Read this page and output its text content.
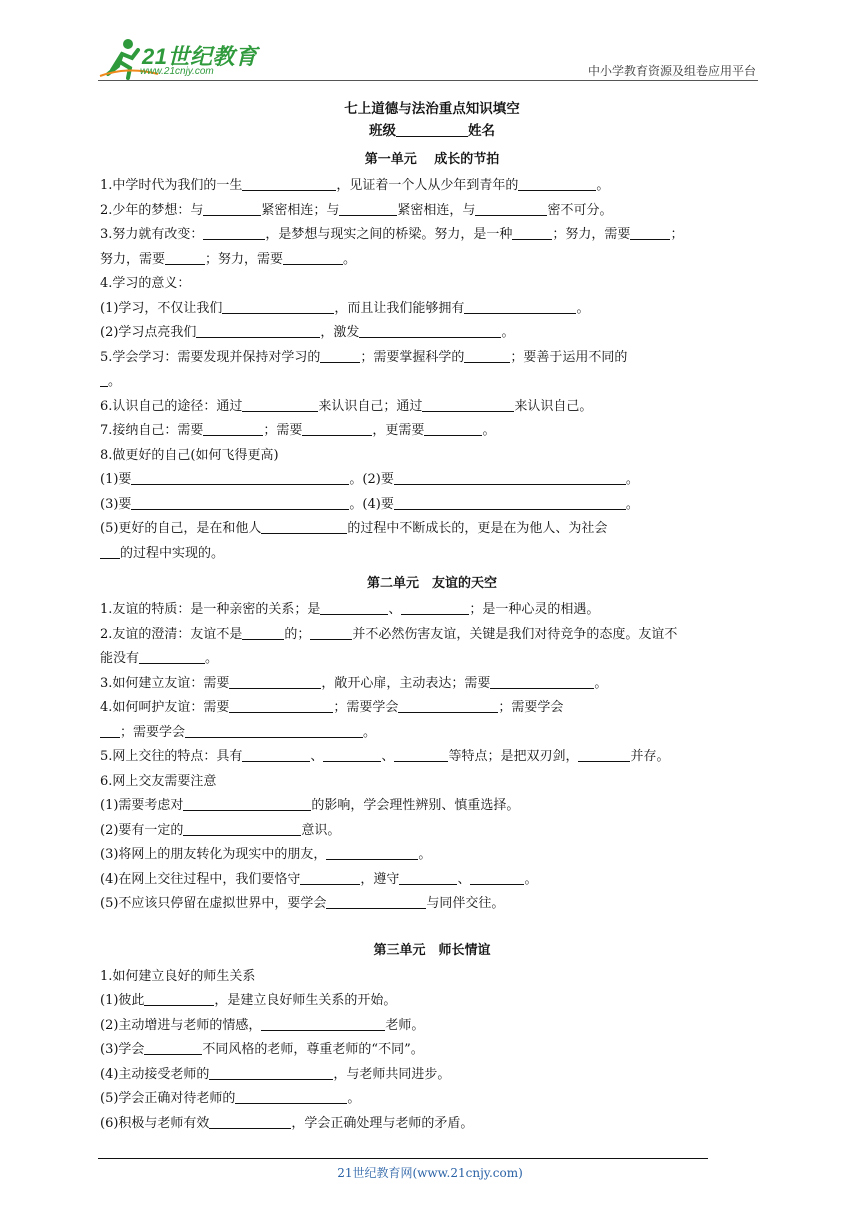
21世纪教育
www.21cnjy.com	中小学教育资源及组卷应用平台
七上道德与法治重点知识填空
班级	姓名
第一单元　 成长的节拍
1.中学时代为我们的一生	，见证着一个人从少年到青年的	。
2.少年的梦想：与	紧密相连；与	紧密相连，与	密不可分。
3.努力就有改变：	，是梦想与现实之间的桥梁。努力，是一种	；努力，需要	；
努力，需要	；努力，需要	。
4.学习的意义：
(1)学习，不仅让我们	，而且让我们能够拥有	。
(2)学习点亮我们	，激发	。
5.学会学习：需要发现并保持对学习的	；需要掌握科学的	；要善于运用不同的
。
6.认识自己的途径：通过	来认识自己；通过	来认识自己。
7.接纳自己：需要	；需要	，更需要	。
8.做更好的自己(如何飞得更高)
(1)要	。(2)要	。
(3)要	。(4)要	。
(5)更好的自己，是在和他人	的过程中不断成长的，更是在为他人、为社会
的过程中实现的。
第二单元　友谊的天空
1.友谊的特质：是一种亲密的关系；是	、	；是一种心灵的相遇。
2.友谊的澄清：友谊不是	的；	并不必然伤害友谊，关键是我们对待竞争的态度。友谊不
能没有	。
3.如何建立友谊：需要	，敞开心扉，主动表达；需要	。
4.如何呵护友谊：需要	；需要学会	；需要学会
；需要学会	。
5.网上交往的特点：具有	、	、	等特点；是把双刃剑，	并存。
6.网上交友需要注意
(1)需要考虑对	的影响，学会理性辨别、慎重选择。
(2)要有一定的	意识。
(3)将网上的朋友转化为现实中的朋友，	。
(4)在网上交往过程中，我们要恪守	，遵守	、	。
(5)不应该只停留在虚拟世界中，要学会	与同伴交往。
第三单元　师长情谊
1.如何建立良好的师生关系
(1)彼此	，是建立良好师生关系的开始。
(2)主动增进与老师的情感，	老师。
(3)学会	不同风格的老师，尊重老师的“不同”。
(4)主动接受老师的	，与老师共同进步。
(5)学会正确对待老师的	。
(6)积极与老师有效	，学会正确处理与老师的矛盾。
21世纪教育网(www.21cnjy.com)
